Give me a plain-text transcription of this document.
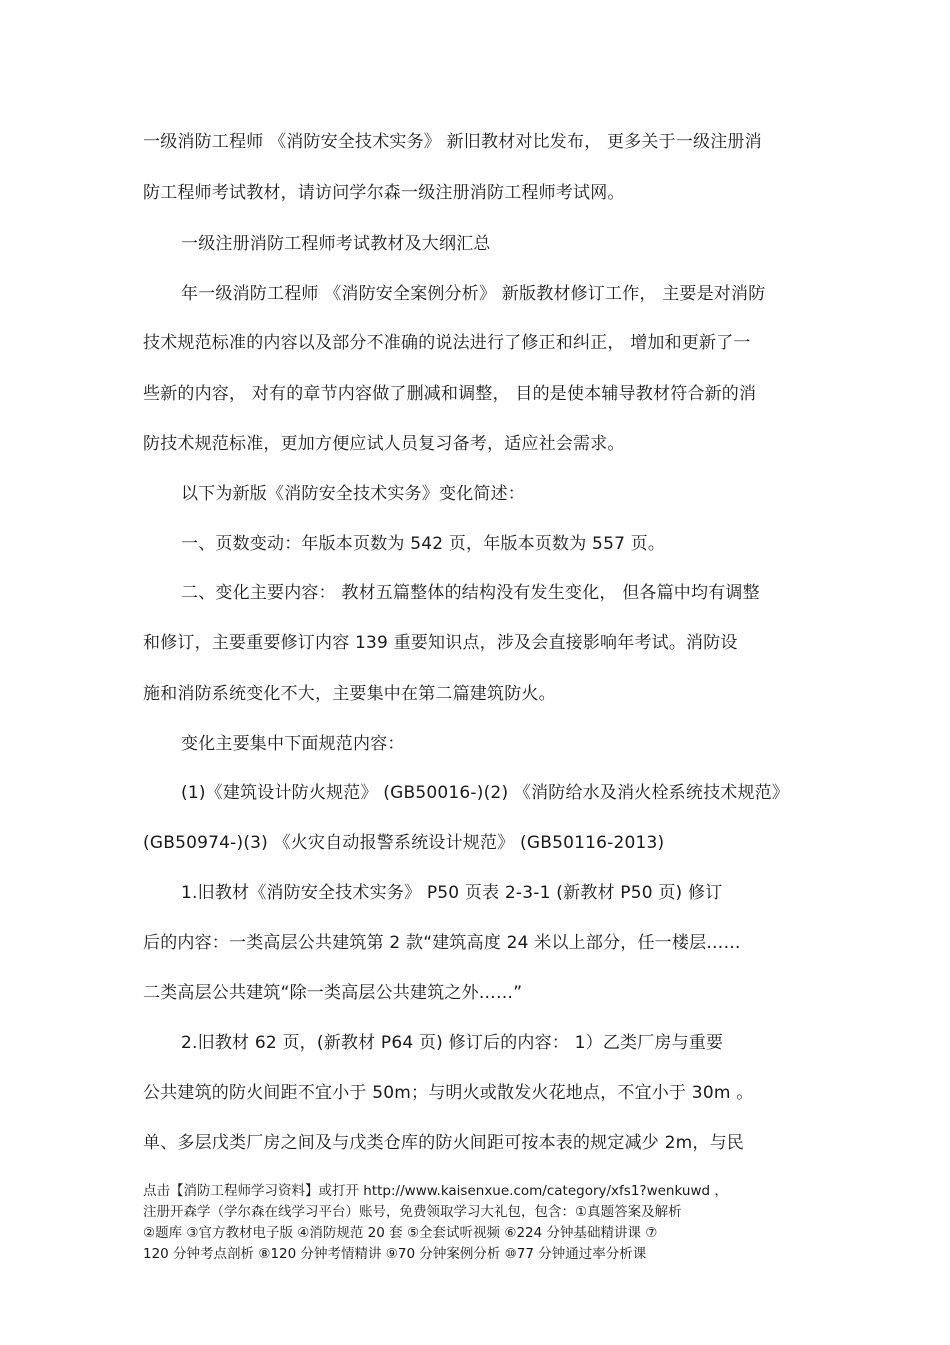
一级消防工程师 《消防安全技术实务》 新旧教材对比发布， 更多关于一级注册消
防工程师考试教材，请访问学尔森一级注册消防工程师考试网。
一级注册消防工程师考试教材及大纲汇总
年一级消防工程师 《消防安全案例分析》 新版教材修订工作， 主要是对消防
技术规范标准的内容以及部分不准确的说法进行了修正和纠正， 增加和更新了一
些新的内容， 对有的章节内容做了删减和调整， 目的是使本辅导教材符合新的消
防技术规范标准，更加方便应试人员复习备考，适应社会需求。
以下为新版《消防安全技术实务》变化简述：
一、页数变动：年版本页数为 542 页，年版本页数为 557 页。
二、变化主要内容： 教材五篇整体的结构没有发生变化， 但各篇中均有调整
和修订，主要重要修订内容 139 重要知识点，涉及会直接影响年考试。消防设
施和消防系统变化不大，主要集中在第二篇建筑防火。
变化主要集中下面规范内容：
(1)《建筑设计防火规范》 (GB50016-)(2) 《消防给水及消火栓系统技术规范》
(GB50974-)(3) 《火灾自动报警系统设计规范》 (GB50116-2013)
1.旧教材《消防安全技术实务》 P50 页表 2-3-1 (新教材 P50 页) 修订
后的内容：一类高层公共建筑第 2 款“建筑高度 24 米以上部分，任一楼层……
二类高层公共建筑“除一类高层公共建筑之外……”
2.旧教材 62 页，(新教材 P64 页) 修订后的内容： 1）乙类厂房与重要
公共建筑的防火间距不宜小于 50m；与明火或散发火花地点，不宜小于 30m 。
单、多层戊类厂房之间及与戊类仓库的防火间距可按本表的规定减少 2m，与民
点击【消防工程师学习资料】或打开 http://www.kaisenxue.com/category/xfs1?wenkuwd ，
注册开森学（学尔森在线学习平台）账号，免费领取学习大礼包，包含：①真题答案及解析
②题库 ③官方教材电子版 ④消防规范 20 套 ⑤全套试听视频 ⑥224 分钟基础精讲课 ⑦
120 分钟考点剖析 ⑧120 分钟考情精讲 ⑨70 分钟案例分析 ⑩77 分钟通过率分析课
